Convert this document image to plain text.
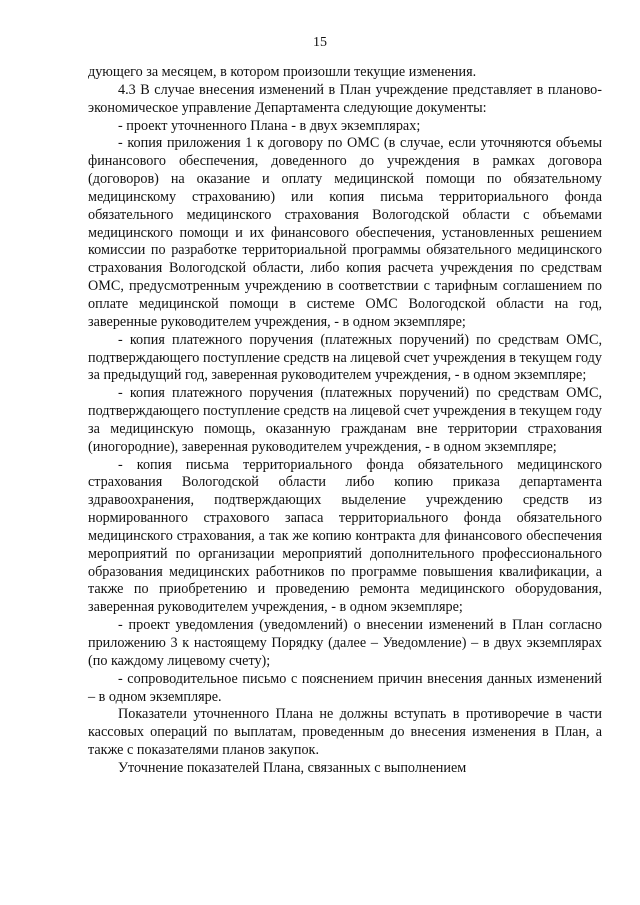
15

дующего за месяцем, в котором произошли текущие изменения.

4.3 В случае внесения изменений в План учреждение представляет в планово-экономическое управление Департамента следующие документы:

- проект уточненного Плана - в двух экземплярах;

- копия приложения 1 к договору по ОМС (в случае, если уточняются объемы финансового обеспечения, доведенного до учреждения в рамках договора (договоров) на оказание и оплату медицинской помощи по обязательному медицинскому страхованию) или копия письма территориального фонда обязательного медицинского страхования Вологодской области с объемами медицинского помощи и их финансового обеспечения, установленных решением комиссии по разработке территориальной программы обязательного медицинского страхования Вологодской области, либо копия расчета учреждения по средствам ОМС, предусмотренным учреждению в соответствии с тарифным соглашением по оплате медицинской помощи в системе ОМС Вологодской области на год, заверенные руководителем учреждения, - в одном экземпляре;

- копия платежного поручения (платежных поручений) по средствам ОМС, подтверждающего поступление средств на лицевой счет учреждения в текущем году за предыдущий год, заверенная руководителем учреждения, - в одном экземпляре;

- копия платежного поручения (платежных поручений) по средствам ОМС, подтверждающего поступление средств на лицевой счет учреждения в текущем году за медицинскую помощь, оказанную гражданам вне территории страхования (иногородние), заверенная руководителем учреждения, - в одном экземпляре;

- копия письма территориального фонда обязательного медицинского страхования Вологодской области либо копию приказа департамента здравоохранения, подтверждающих выделение учреждению средств из нормированного страхового запаса территориального фонда обязательного медицинского страхования, а так же копию контракта для финансового обеспечения мероприятий по организации мероприятий дополнительного профессионального образования медицинских работников по программе повышения квалификации, а также по приобретению и проведению ремонта медицинского оборудования, заверенная руководителем учреждения, - в одном экземпляре;

- проект уведомления (уведомлений) о внесении изменений в План согласно приложению 3 к настоящему Порядку (далее – Уведомление) – в двух экземплярах (по каждому лицевому счету);

- сопроводительное письмо с пояснением причин внесения данных изменений – в одном экземпляре.

Показатели уточненного Плана не должны вступать в противоречие в части кассовых операций по выплатам, проведенным до внесения изменения в План, а также с показателями планов закупок.

Уточнение показателей Плана, связанных с выполнением
